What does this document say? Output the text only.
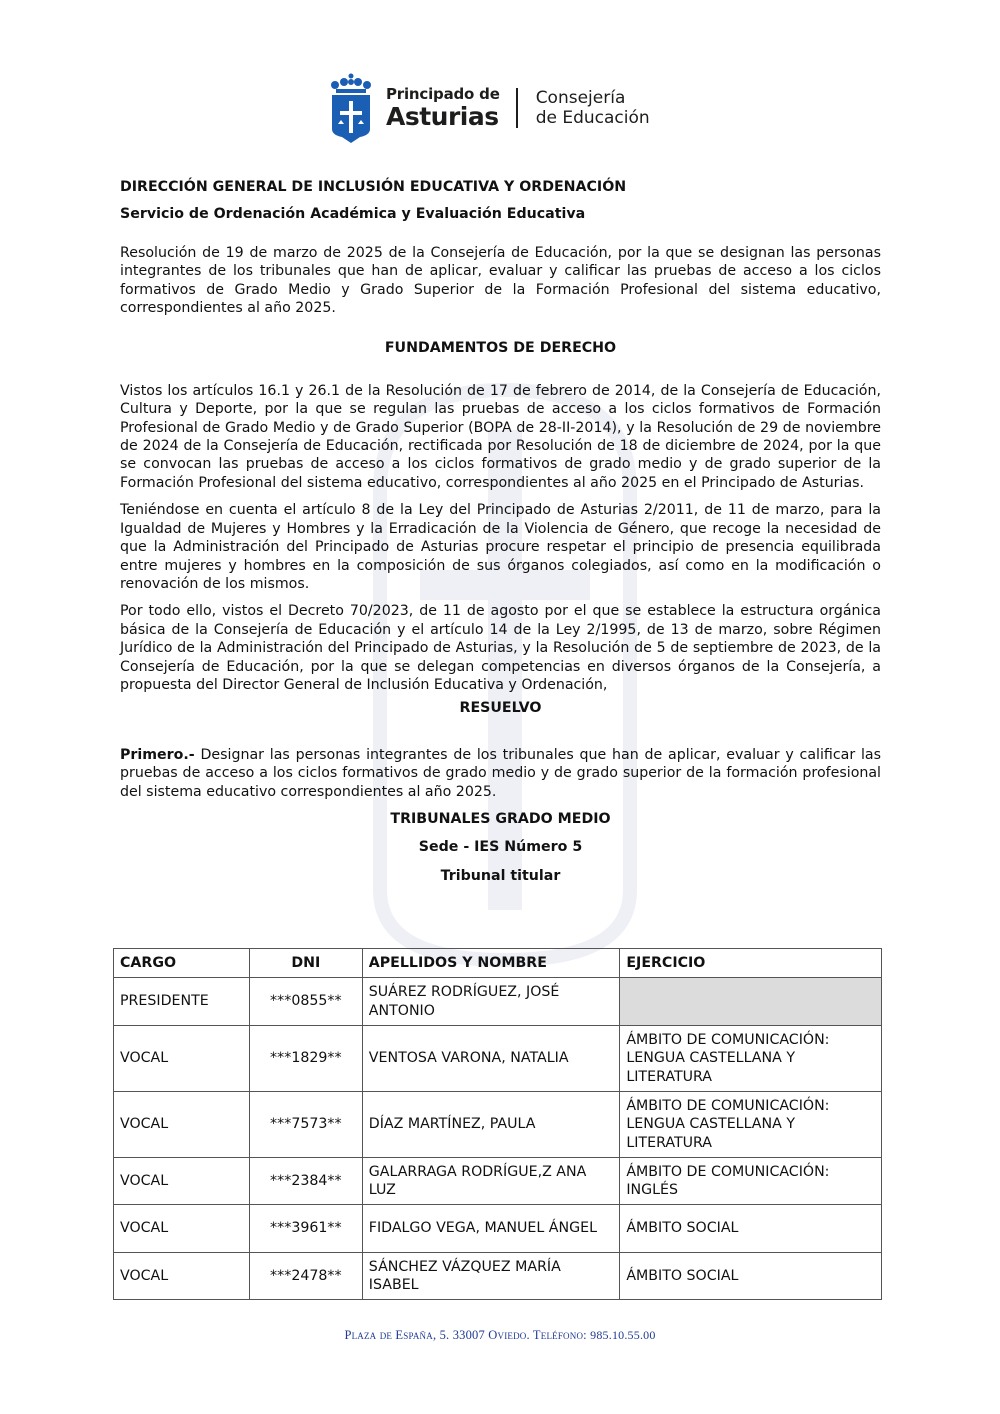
Principado de
Asturias
Consejería
de Educación

DIRECCIÓN GENERAL DE INCLUSIÓN EDUCATIVA Y ORDENACIÓN

Servicio de Ordenación Académica y Evaluación Educativa

Resolución de 19 de marzo de 2025 de la Consejería de Educación, por la que se designan las personas integrantes de los tribunales que han de aplicar, evaluar y calificar las pruebas de acceso a los ciclos formativos de Grado Medio y Grado Superior de la Formación Profesional del sistema educativo, correspondientes al año 2025.

FUNDAMENTOS DE DERECHO

Vistos los artículos 16.1 y 26.1 de la Resolución de 17 de febrero de 2014, de la Consejería de Educación, Cultura y Deporte, por la que se regulan las pruebas de acceso a los ciclos formativos de Formación Profesional de Grado Medio y de Grado Superior (BOPA de 28-II-2014), y la Resolución de 29 de noviembre de 2024 de la Consejería de Educación, rectificada por Resolución de 18 de diciembre de 2024, por la que se convocan las pruebas de acceso a los ciclos formativos de grado medio y de grado superior de la Formación Profesional del sistema educativo, correspondientes al año 2025 en el Principado de Asturias.

Teniéndose en cuenta el artículo 8 de la Ley del Principado de Asturias 2/2011, de 11 de marzo, para la Igualdad de Mujeres y Hombres y la Erradicación de la Violencia de Género, que recoge la necesidad de que la Administración del Principado de Asturias procure respetar el principio de presencia equilibrada entre mujeres y hombres en la composición de sus órganos colegiados, así como en la modificación o renovación de los mismos.

Por todo ello, vistos el Decreto 70/2023, de 11 de agosto por el que se establece la estructura orgánica básica de la Consejería de Educación y el artículo 14 de la Ley 2/1995, de 13 de marzo, sobre Régimen Jurídico de la Administración del Principado de Asturias, y la Resolución de 5 de septiembre de 2023, de la Consejería de Educación, por la que se delegan competencias en diversos órganos de la Consejería, a propuesta del Director General de Inclusión Educativa y Ordenación,

RESUELVO

Primero.- Designar las personas integrantes de los tribunales que han de aplicar, evaluar y calificar las pruebas de acceso a los ciclos formativos de grado medio y de grado superior de la formación profesional del sistema educativo correspondientes al año 2025.

TRIBUNALES GRADO MEDIO

Sede - IES Número 5

Tribunal titular

CARGO	DNI	APELLIDOS Y NOMBRE	EJERCICIO
PRESIDENTE	***0855**	SUÁREZ RODRÍGUEZ, JOSÉ ANTONIO	
VOCAL	***1829**	VENTOSA VARONA, NATALIA	ÁMBITO DE COMUNICACIÓN: LENGUA CASTELLANA Y LITERATURA
VOCAL	***7573**	DÍAZ MARTÍNEZ, PAULA	ÁMBITO DE COMUNICACIÓN: LENGUA CASTELLANA Y LITERATURA
VOCAL	***2384**	GALARRAGA RODRÍGUE,Z ANA LUZ	ÁMBITO DE COMUNICACIÓN: INGLÉS
VOCAL	***3961**	FIDALGO VEGA, MANUEL ÁNGEL	ÁMBITO SOCIAL
VOCAL	***2478**	SÁNCHEZ VÁZQUEZ MARÍA ISABEL	ÁMBITO SOCIAL
Plaza de España, 5. 33007 Oviedo. Teléfono: 985.10.55.00
